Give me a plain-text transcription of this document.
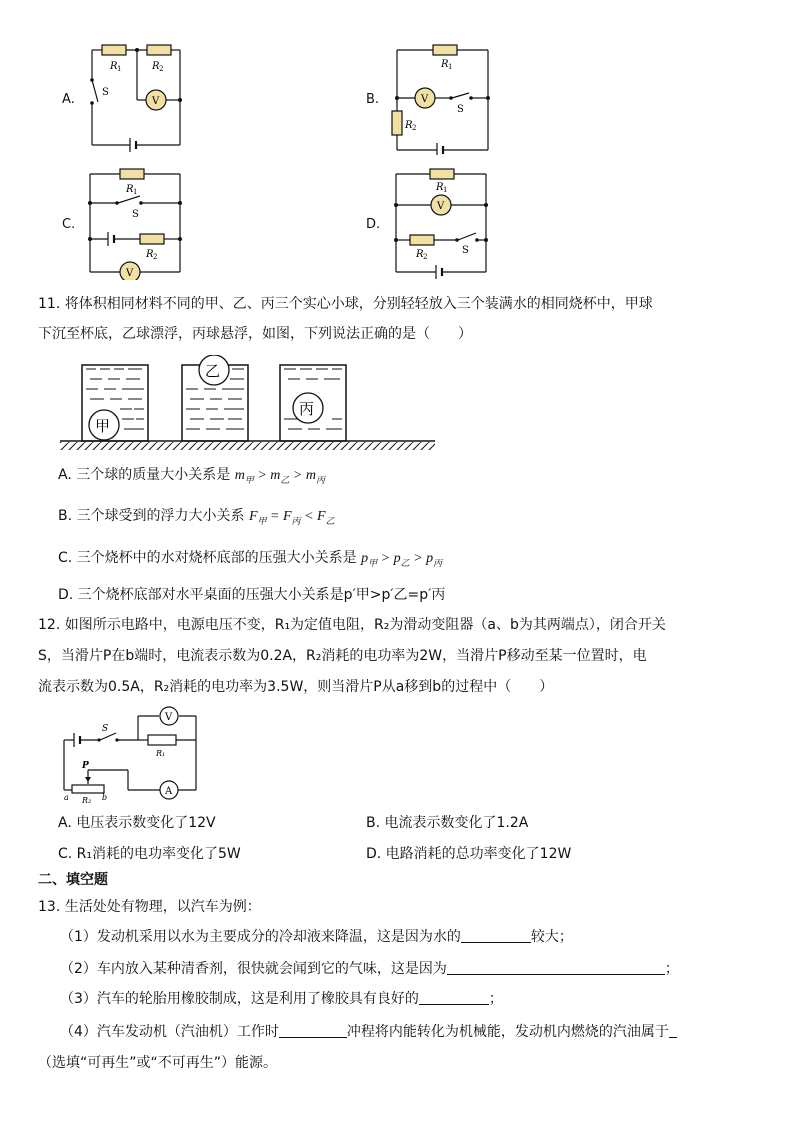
A.	B.
C.	D.
R 1	R 2
S
V
R 1
R 2
S
V
R 1
S
R 2
V
R 1
V
R 2
S
11. 将体积相同材料不同的甲、乙、丙三个实心小球，分别轻轻放入三个装满水的相同烧杯中，甲球
下沉至杯底，乙球漂浮，丙球悬浮，如图，下列说法正确的是（　　）
甲
乙
丙
A. 三个球的质量大小关系是 $m_甲 > m_乙 > m_丙$
B. 三个球受到的浮力大小关系 $F_甲 = F_丙 < F_乙$
C. 三个烧杯中的水对烧杯底部的压强大小关系是 $p_甲 > p_乙 > p_丙$
D. 三个烧杯底部对水平桌面的压强大小关系是p′甲>p′乙=p′丙
12. 如图所示电路中，电源电压不变，R₁为定值电阻，R₂为滑动变阻器（a、b为其两端点），闭合开关
S，当滑片P在b端时，电流表示数为0.2A，R₂消耗的电功率为2W，当滑片P移动至某一位置时，电
流表示数为0.5A，R₂消耗的电功率为3.5W，则当滑片P从a移到b的过程中（　　）
S
V
R₁
P
A
a R₂ b
A. 电压表示数变化了12V	B. 电流表示数变化了1.2A
C. R₁消耗的电功率变化了5W	D. 电路消耗的总功率变化了12W
二、填空题
13. 生活处处有物理，以汽车为例：
（1）发动机采用以水为主要成分的冷却液来降温，这是因为水的	较大；
（2）车内放入某种清香剂，很快就会闻到它的气味，这是因为	；
（3）汽车的轮胎用橡胶制成，这是利用了橡胶具有良好的	；
（4）汽车发动机（汽油机）工作时	冲程将内能转化为机械能，发动机内燃烧的汽油属于
（选填“可再生”或“不可再生”）能源。
